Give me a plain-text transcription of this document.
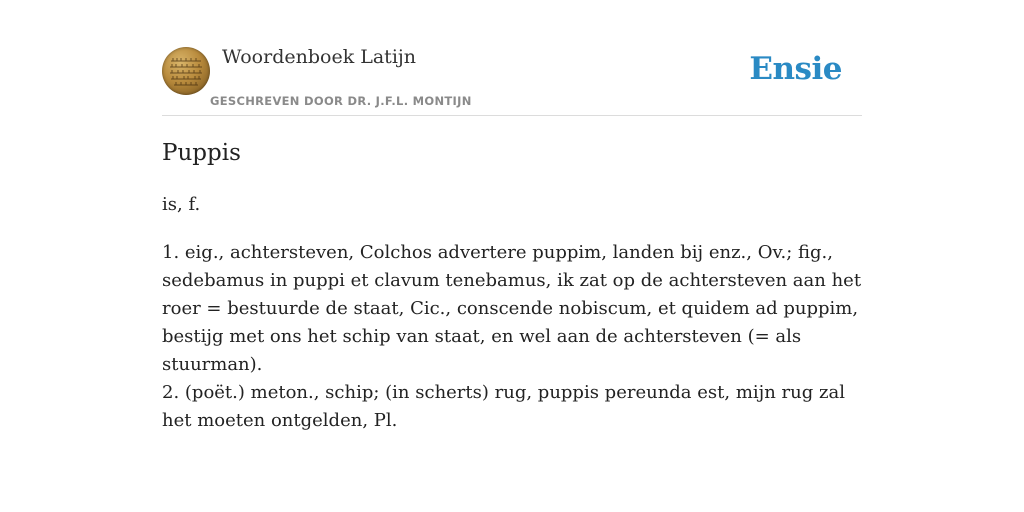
Woordenboek Latijn
GESCHREVEN DOOR DR. J.F.L. MONTIJN
Ensie
Puppis
is, f.

1. eig., achtersteven, Colchos advertere puppim, landen bij enz., Ov.; fig., sedebamus in puppi et clavum tenebamus, ik zat op de achtersteven aan het roer = bestuurde de staat, Cic., conscende nobiscum, et quidem ad puppim, bestijg met ons het schip van staat, en wel aan de achtersteven (= als stuurman).

2. (poët.) meton., schip; (in scherts) rug, puppis pereunda est, mijn rug zal het moeten ontgelden, Pl.
